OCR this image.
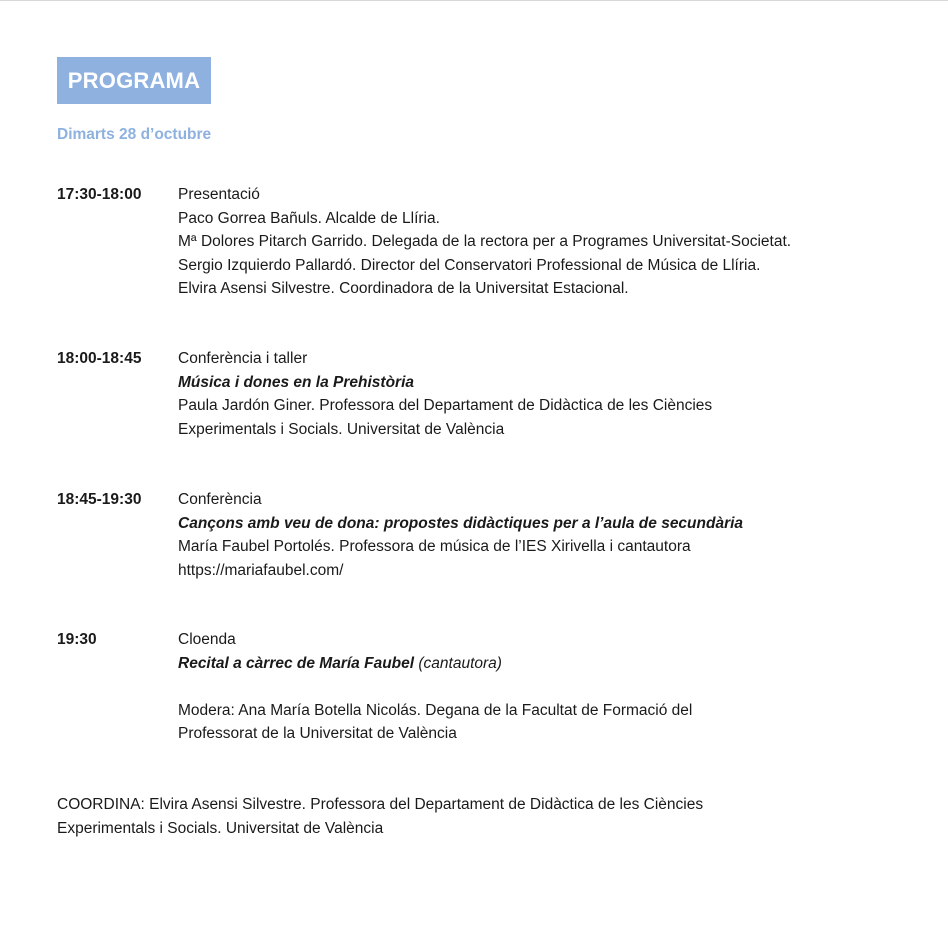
PROGRAMA
Dimarts 28 d’octubre
17:30-18:00 Presentació
Paco Gorrea Bañuls. Alcalde de Llíria.
Mª Dolores Pitarch Garrido. Delegada de la rectora per a Programes Universitat-Societat.
Sergio Izquierdo Pallardó. Director del Conservatori Professional de Música de Llíria.
Elvira Asensi Silvestre. Coordinadora de la Universitat Estacional.
18:00-18:45 Conferència i taller
Música i dones en la Prehistòria
Paula Jardón Giner. Professora del Departament de Didàctica de les Ciències
Experimentals i Socials. Universitat de València
18:45-19:30 Conferència
Cançons amb veu de dona: propostes didàctiques per a l’aula de secundària
María Faubel Portolés. Professora de música de l’IES Xirivella i cantautora
https://mariafaubel.com/
19:30	Cloenda
Recital a càrrec de María Faubel (cantautora)
Modera: Ana María Botella Nicolás. Degana de la Facultat de Formació del
Professorat de la Universitat de València
COORDINA: Elvira Asensi Silvestre. Professora del Departament de Didàctica de les Ciències
Experimentals i Socials. Universitat de València
